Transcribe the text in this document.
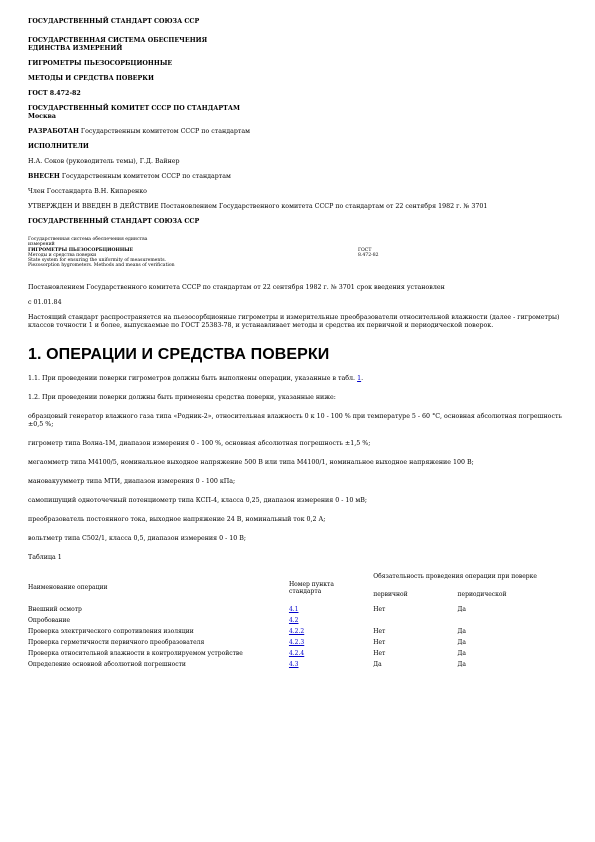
ГОСУДАРСТВЕННЫЙ СТАНДАРТ СОЮЗА ССР

ГОСУДАРСТВЕННАЯ СИСТЕМА ОБЕСПЕЧЕНИЯ

ЕДИНСТВА ИЗМЕРЕНИЙ

ГИГРОМЕТРЫ ПЬЕЗОСОРБЦИОННЫЕ

МЕТОДЫ И СРЕДСТВА ПОВЕРКИ

ГОСТ 8.472-82

ГОСУДАРСТВЕННЫЙ КОМИТЕТ СССР ПО СТАНДАРТАМ

Москва

РАЗРАБОТАН Государственным комитетом СССР по стандартам

ИСПОЛНИТЕЛИ

Н.А. Соков (руководитель темы), Г.Д. Вайнер

ВНЕСЕН Государственным комитетом СССР по стандартам

Член Госстандарта В.Н. Кипаренко

УТВЕРЖДЕН И ВВЕДЕН В ДЕЙСТВИЕ Постановлением Государственного комитета СССР по стандартам от 22 сентября 1982 г. № 3701

ГОСУДАРСТВЕННЫЙ СТАНДАРТ СОЮЗА ССР

Государственная система обеспечения единства
измерений
ГИГРОМЕТРЫ ПЬЕЗОСОРБЦИОННЫЕ
Методы и средства поверки
State system for ensuring the uniformity of measurements.
Piezosorption hygrometers. Methods and means of verification
ГОСТ
8.472-82

Постановлением Государственного комитета СССР по стандартам от 22 сентября 1982 г. № 3701 срок введения установлен

с 01.01.84

Настоящий стандарт распространяется на пьезосорбционные гигрометры и измерительные преобразователи относительной влажности (далее - гигрометры) классов точности 1 и более, выпускаемые по ГОСТ 25383-78, и устанавливает методы и средства их первичной и периодической поверок.

1. ОПЕРАЦИИ И СРЕДСТВА ПОВЕРКИ

1.1. При проведении поверки гигрометров должны быть выполнены операции, указанные в табл. 1.

1.2. При проведении поверки должны быть применены средства поверки, указанные ниже:

образцовый генератор влажного газа типа «Родник-2», относительная влажность 0 к 10 - 100 % при температуре 5 - 60 °С, основная абсолютная погрешность ±0,5 %;

гигрометр типа Волна-1М, диапазон измерения 0 - 100 %, основная абсолютная погрешность ±1,5 %;

мегаомметр типа М4100/5, номинальное выходное напряжение 500 В или типа М4100/1, номинальное выходное напряжение 100 В;

мановакуумметр типа МТИ, диапазон измерения 0 - 100 кПа;

самопишущий одноточечный потенциометр типа КСП-4, класса 0,25, диапазон измерения 0 - 10 мВ;

преобразователь постоянного тока, выходное напряжение 24 В, номинальный ток 0,2 А;

вольтметр типа С502/1, класса 0,5, диапазон измерения 0 - 10 В;

Таблица 1

Наименование операции	Номер пункта
стандарта	Обязательность проведения операции при поверке	
		первичной	периодической

Внешний осмотр	4.1	Нет	Да
Опробование	4.2		
Проверка электрического сопротивления изоляции	4.2.2	Нет	Да
Проверка герметичности первичного преобразователя	4.2.3	Нет	Да
Проверка относительной влажности в контролируемом устройстве	4.2.4	Нет	Да
Определение основной абсолютной погрешности	4.3	Да	Да
